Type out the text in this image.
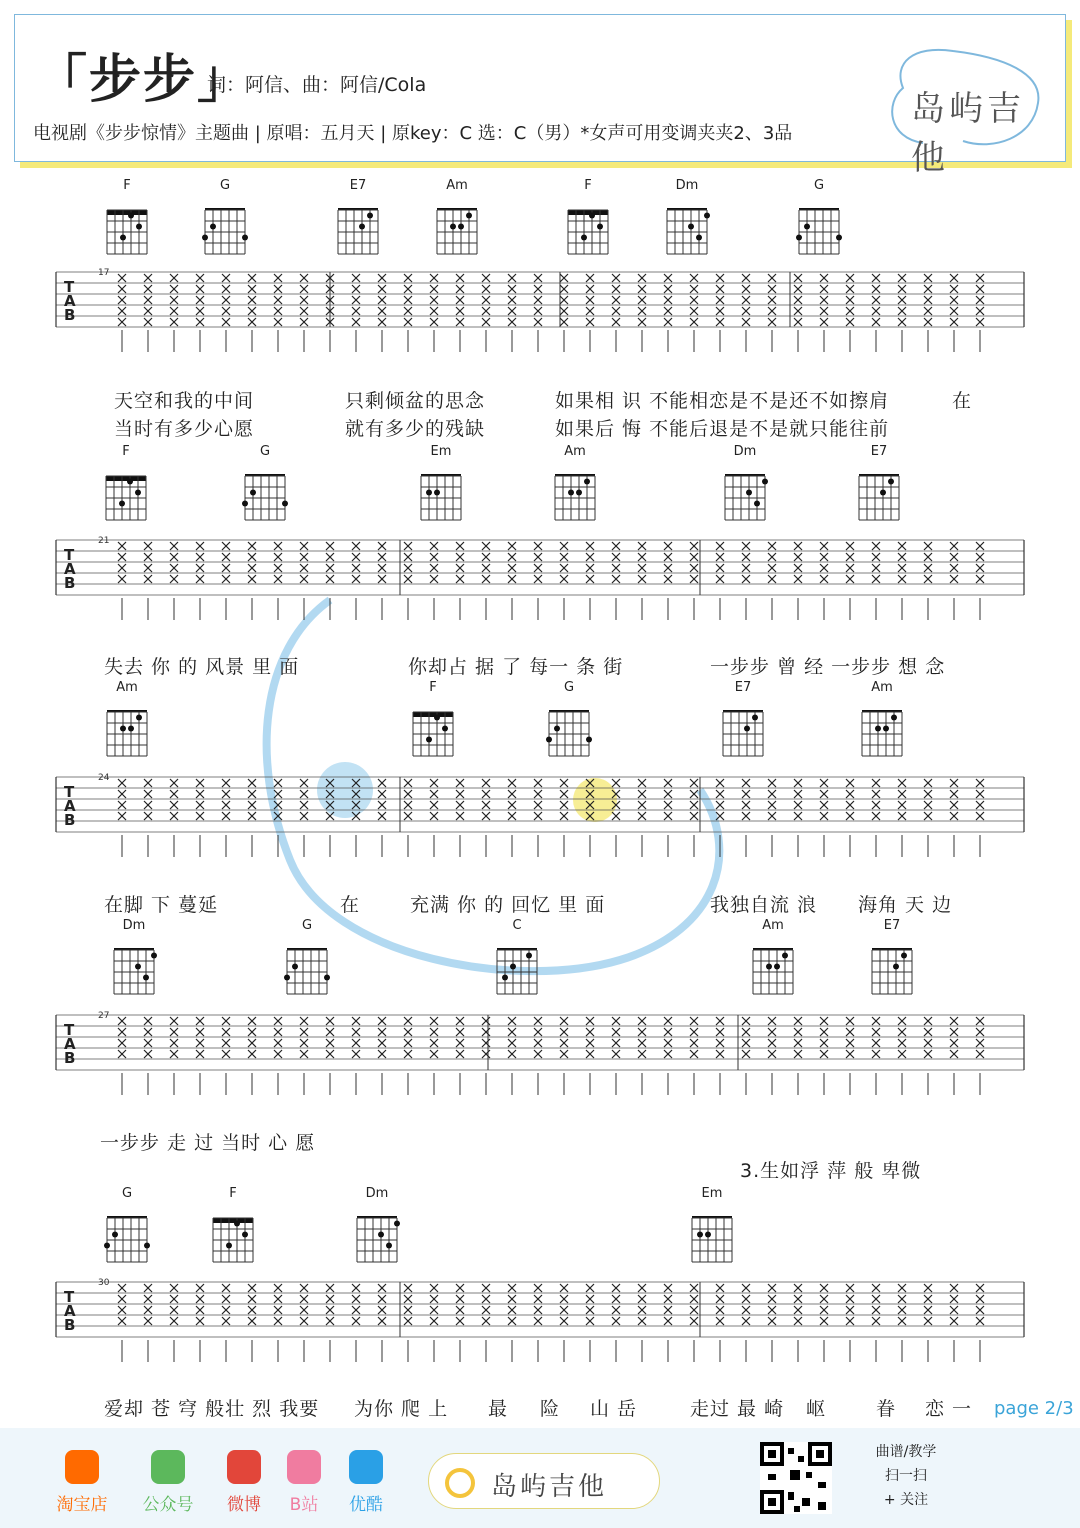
「步步」
词：阿信、曲：阿信/Cola
电视剧《步步惊情》主题曲 | 原唱：五月天 | 原key：C 选：C（男）*女声可用变调夹夹2、3品
岛屿吉他
F	G	E7	Am	F	Dm	G
T
A
B
17
天空和我的中间	只剩倾盆的思念	如果相 识 不能相恋是不是还不如擦肩	在
当时有多少心愿	就有多少的残缺	如果后 悔 不能后退是不是就只能往前
F	G	Em	Am	Dm	E7
T
A
B
21
失去 你 的 风景 里 面	你却占 据 了 每一 条 街	一步步 曾 经 一步步 想 念
Am	F	G	E7	Am
T
A
B
24
在脚 下 蔓延	在	充满 你 的 回忆 里 面	我独自流 浪 海角 天 边
Dm	G	C	Am	E7
T
A
B
27
一步步 走 过 当时 心 愿
3.生如浮 萍 般 卑微
G	F	Dm	Em
T
A
B
30
爱却 苍 穹 般壮 烈 我要 为你 爬 上 最 险 山 岳	走过 最 崎 岖	眷 恋 一 page 2/3
淘宝店 公众号	微博	B站	优酷
岛屿吉他
曲谱/教学
扫一扫
+ 关注
